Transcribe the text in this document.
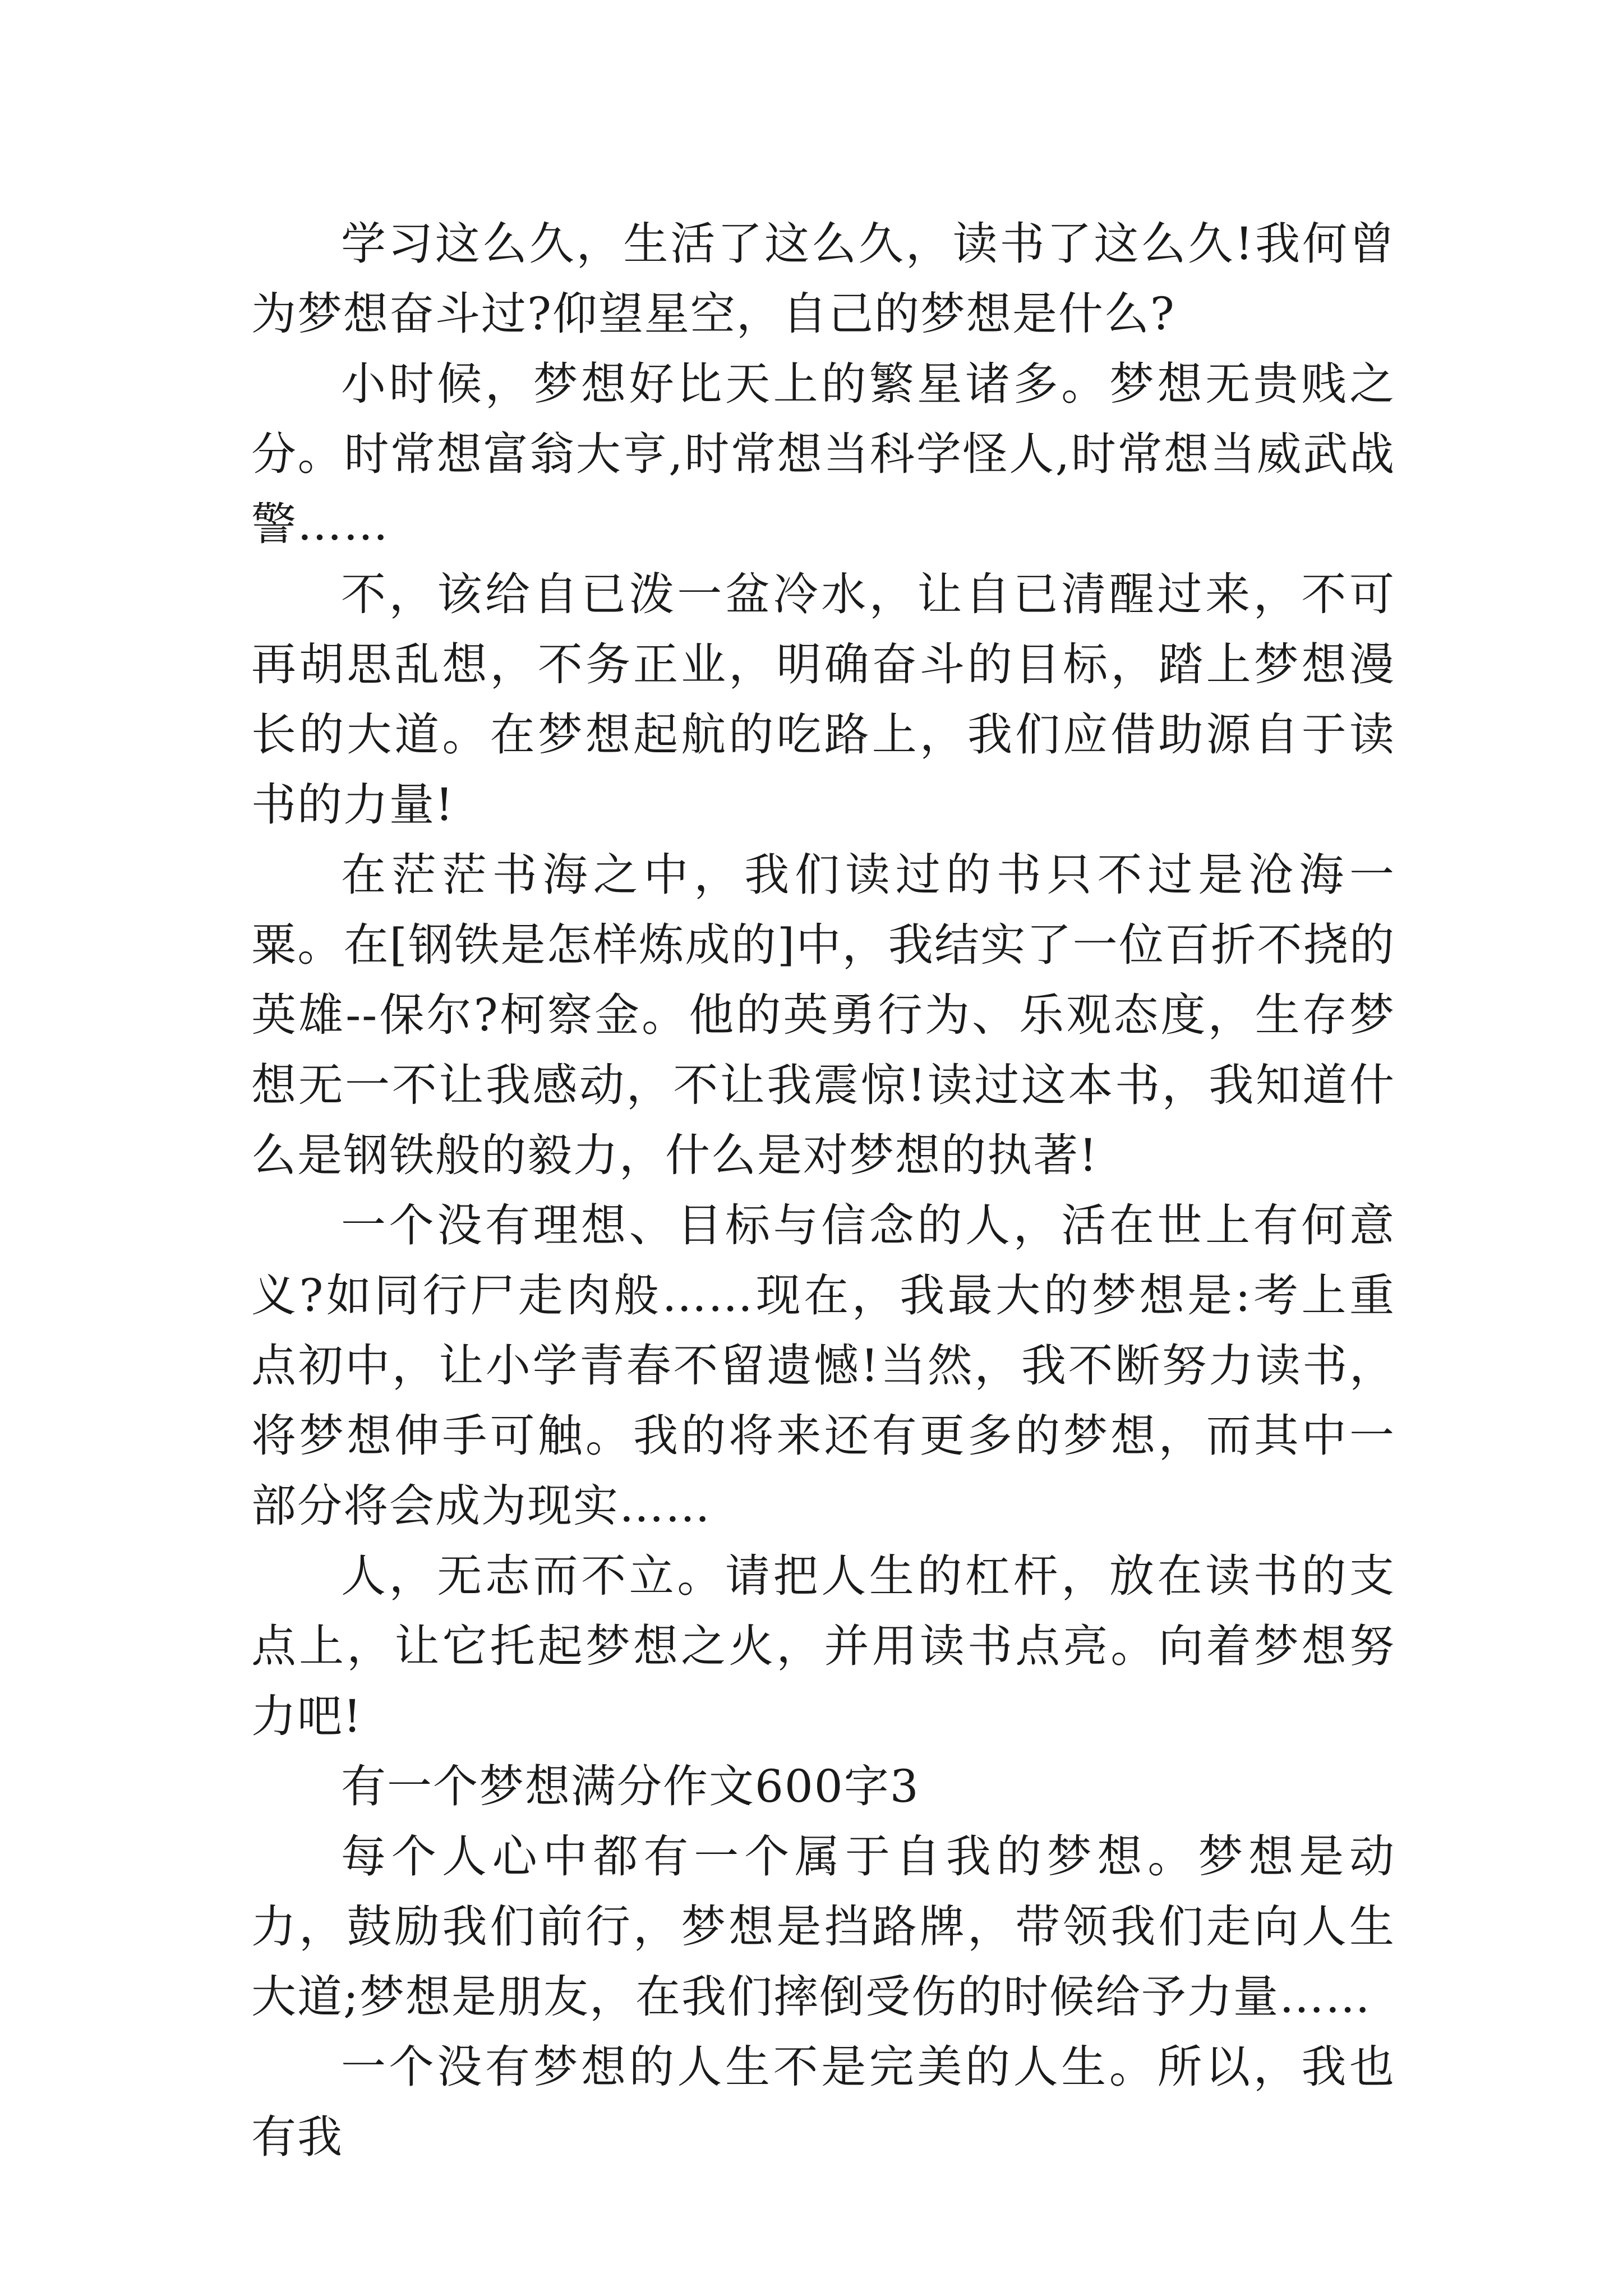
学习这么久，生活了这么久，读书了这么久!我何曾为梦想奋斗过?仰望星空，自己的梦想是什么?

小时候，梦想好比天上的繁星诸多。梦想无贵贱之分。时常想富翁大亨,时常想当科学怪人,时常想当威武战警……

不，该给自已泼一盆冷水，让自已清醒过来，不可再胡思乱想，不务正业，明确奋斗的目标，踏上梦想漫长的大道。在梦想起航的吃路上，我们应借助源自于读书的力量!

在茫茫书海之中，我们读过的书只不过是沧海一粟。在[钢铁是怎样炼成的]中，我结实了一位百折不挠的英雄--保尔?柯察金。他的英勇行为、乐观态度，生存梦想无一不让我感动，不让我震惊!读过这本书，我知道什么是钢铁般的毅力，什么是对梦想的执著!

一个没有理想、目标与信念的人，活在世上有何意义?如同行尸走肉般……现在，我最大的梦想是:考上重点初中，让小学青春不留遗憾!当然，我不断努力读书，将梦想伸手可触。我的将来还有更多的梦想，而其中一部分将会成为现实……

人，无志而不立。请把人生的杠杆，放在读书的支点上，让它托起梦想之火，并用读书点亮。向着梦想努力吧!

有一个梦想满分作文600字3

每个人心中都有一个属于自我的梦想。梦想是动力，鼓励我们前行，梦想是挡路牌，带领我们走向人生大道;梦想是朋友，在我们摔倒受伤的时候给予力量……

一个没有梦想的人生不是完美的人生。所以，我也有我
